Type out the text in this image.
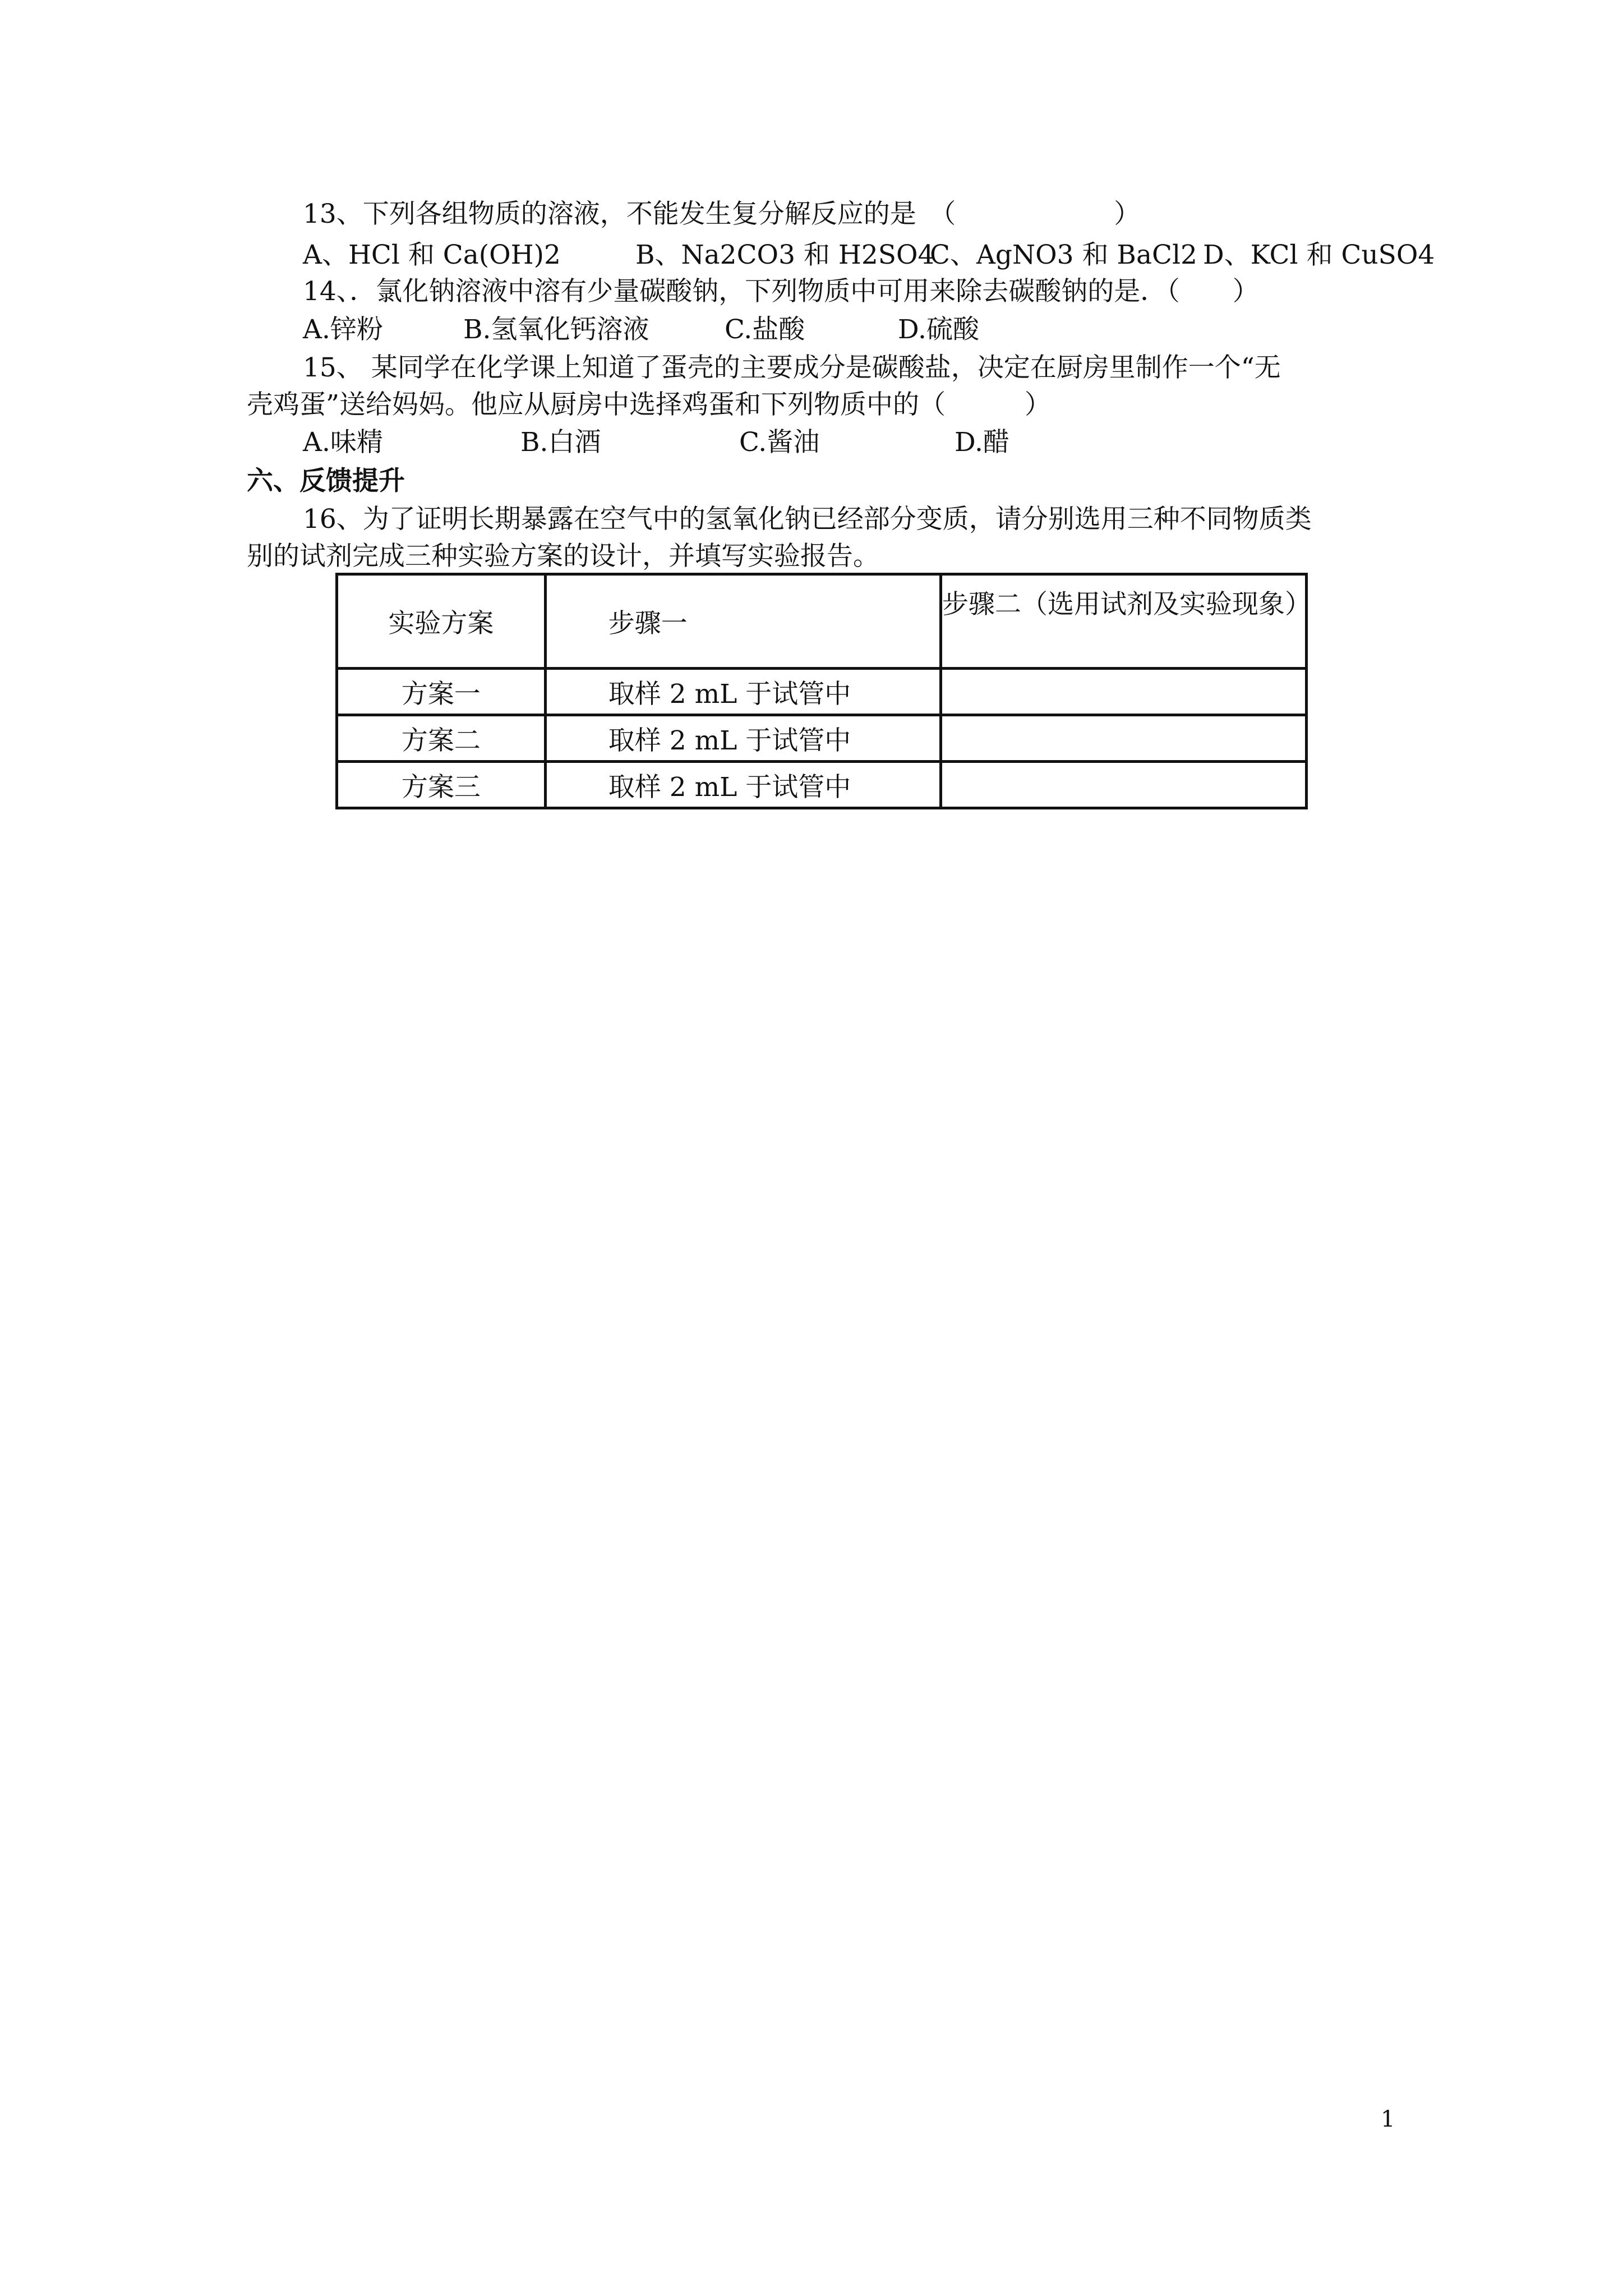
13、下列各组物质的溶液，不能发生复分解反应的是　（　　　　　　）
A、HCl 和 Ca(OH)2	B、Na2CO3 和 H2SO4
C、AgNO3 和 BaCl2 D、KCl 和 CuSO4
14、．氯化钠溶液中溶有少量碳酸钠，下列物质中可用来除去碳酸钠的是．（　　）
A.锌粉	B.氢氧化钙溶液	C.盐酸	D.硫酸
15、 某同学在化学课上知道了蛋壳的主要成分是碳酸盐，决定在厨房里制作一个“无
壳鸡蛋”送给妈妈。他应从厨房中选择鸡蛋和下列物质中的（　　　）
A.味精	B.白酒	C.酱油	D.醋
六、反馈提升
16、为了证明长期暴露在空气中的氢氧化钠已经部分变质，请分别选用三种不同物质类
别的试剂完成三种实验方案的设计，并填写实验报告。
实验方案	步骤一	步骤二（选用试剂及实验现象）
方案一	取样 2 mL 于试管中	
方案二	取样 2 mL 于试管中	
方案三	取样 2 mL 于试管中	
1
